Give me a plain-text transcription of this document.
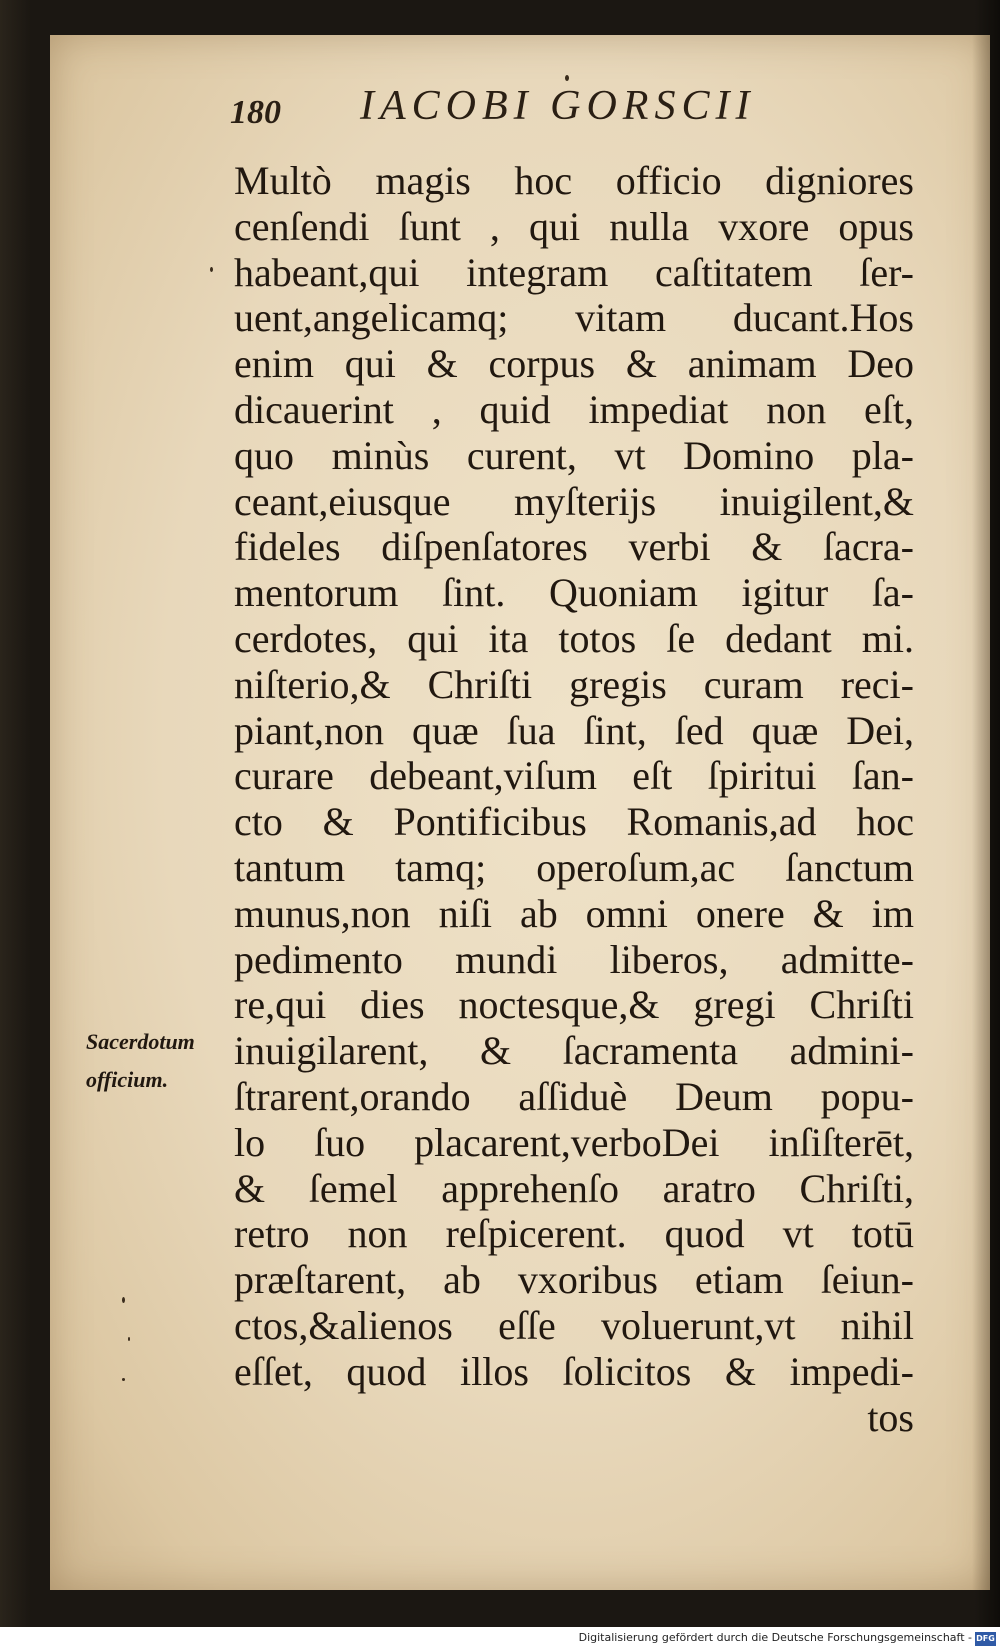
180 IACOBI GORSCII
Multò magis hoc officio digniores
cenſendi ſunt , qui nulla vxore opus
habeant,qui integram caſtitatem ſer-
uent,angelicamq; vitam ducant.Hos
enim qui & corpus & animam Deo
dicauerint , quid impediat non eſt,
quo minùs curent, vt Domino pla-
ceant,eiusque myſterijs inuigilent,&
fideles diſpenſatores verbi & ſacra-
mentorum ſint. Quoniam igitur ſa-
cerdotes, qui ita totos ſe dedant mi.
niſterio,& Chriſti gregis curam reci-
piant,non quæ ſua ſint, ſed quæ Dei,
curare debeant,viſum eſt ſpiritui ſan-
cto & Pontificibus Romanis,ad hoc
tantum tamq; operoſum,ac ſanctum
munus,non niſi ab omni onere & im
pedimento mundi liberos, admitte-
re,qui dies noctesque,& gregi Chriſti
inuigilarent, & ſacramenta admini-
ſtrarent,orando aſſiduè Deum popu-
lo ſuo placarent,verboDei inſiſterēt,
& ſemel apprehenſo aratro Chriſti,
retro non reſpicerent. quod vt totū
præſtarent, ab vxoribus etiam ſeiun-
ctos,&alienos eſſe voluerunt,vt nihil
eſſet, quod illos ſolicitos & impedi-
tos
Sacerdotum
officium.
Digitalisierung gefördert durch die Deutsche Forschungsgemeinschaft - DFG
